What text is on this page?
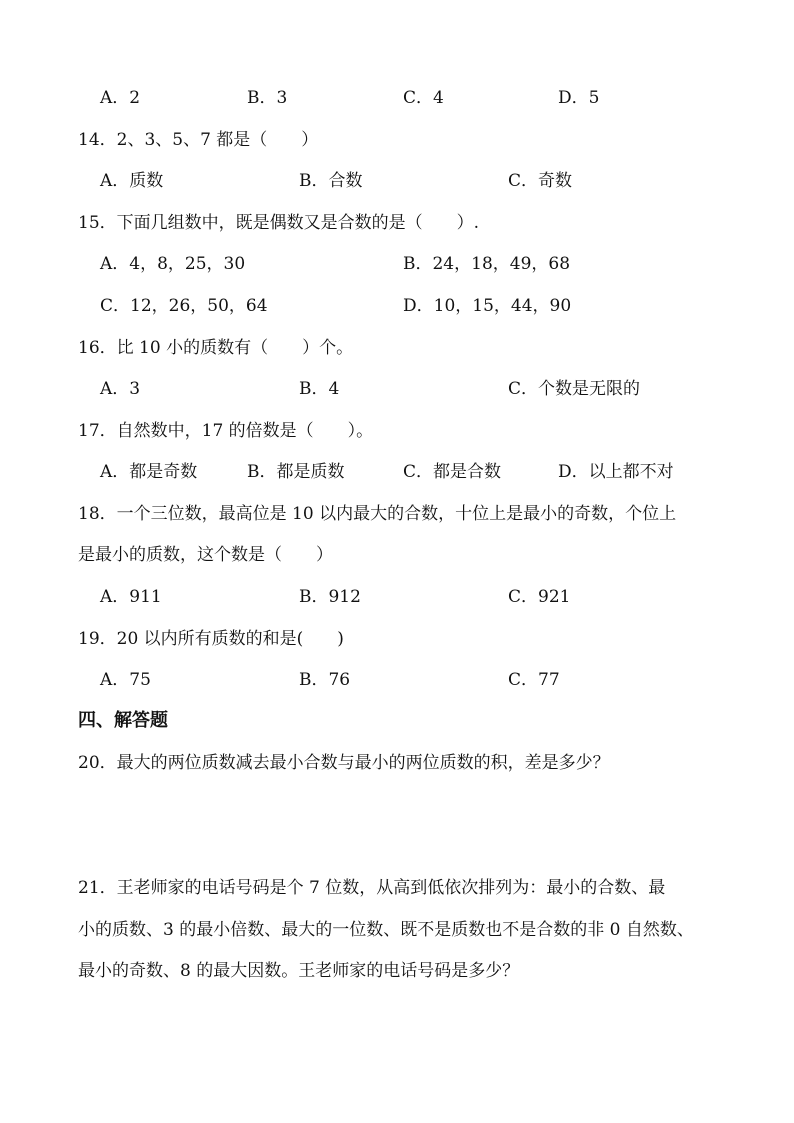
A．2	B．3	C．4	D．5
14．2、3、5、7 都是（　　）
A．质数	B．合数	C．奇数
15．下面几组数中，既是偶数又是合数的是（　　）.
A．4，8，25，30	B．24，18，49，68
C．12，26，50，64	D．10，15，44，90
16．比 10 小的质数有（　　）个。
A．3	B．4	C．个数是无限的
17．自然数中，17 的倍数是（　　）。
A．都是奇数	B．都是质数	C．都是合数	D．以上都不对
18．一个三位数，最高位是 10 以内最大的合数，十位上是最小的奇数，个位上
是最小的质数，这个数是（　　）
A．911	B．912	C．921
19．20 以内所有质数的和是(　　)
A．75	B．76	C．77
四、解答题
20．最大的两位质数减去最小合数与最小的两位质数的积，差是多少？
21．王老师家的电话号码是个 7 位数，从高到低依次排列为：最小的合数、最
小的质数、3 的最小倍数、最大的一位数、既不是质数也不是合数的非 0 自然数、
最小的奇数、8 的最大因数。王老师家的电话号码是多少？
